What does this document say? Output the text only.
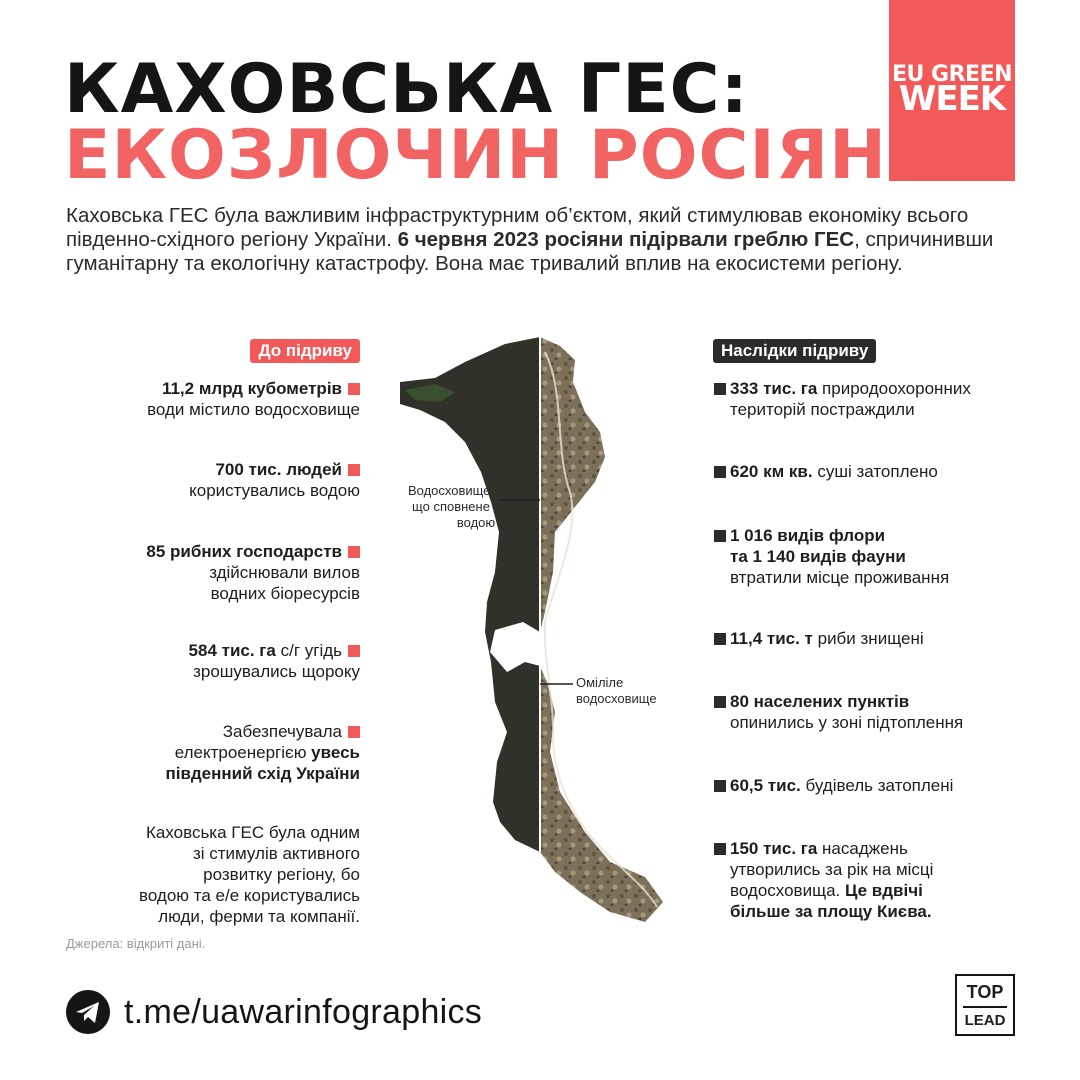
КАХОВСЬКА ГЕС:
ЕКОЗЛОЧИН РОСІЯН
EU GREEN
WEEK
Каховська ГЕС була важливим інфраструктурним об’єктом, який стимулював економіку всього південно-східного регіону України. 6 червня 2023 росіяни підірвали греблю ГЕС, спричинивши гуманітарну та екологічну катастрофу. Вона має тривалий вплив на екосистеми регіону.
До підриву	Наслідки підриву
11,2 млрд кубометрів
води містило водосховище
700 тис. людей
користувались водою
85 рибних господарств
здійснювали вилов
водних біоресурсів
584 тис. га с/г угідь
зрошувались щороку
Забезпечувала
електроенергією увесь
південний схід України
Каховська ГЕС була одним
зі стимулів активного
розвитку регіону, бо
водою та е/е користувались
люди, ферми та компанії.
333 тис. га природоохоронних
територій постраждили
620 км кв. суші затоплено
1 016 видів флори
та 1 140 видів фауни
втратили місце проживання
11,4 тис. т риби знищені
80 населених пунктів
опинились у зоні підтоплення
60,5 тис. будівель затоплені
150 тис. га насаджень
утворились за рік на місці
водосховища. Це вдвічі
більше за площу Києва.
Водосховище,
що сповнене
водою
Оміліле
водосховище
Джерела: відкриті дані.
t.me/uawarinfographics
TOP
LEAD
